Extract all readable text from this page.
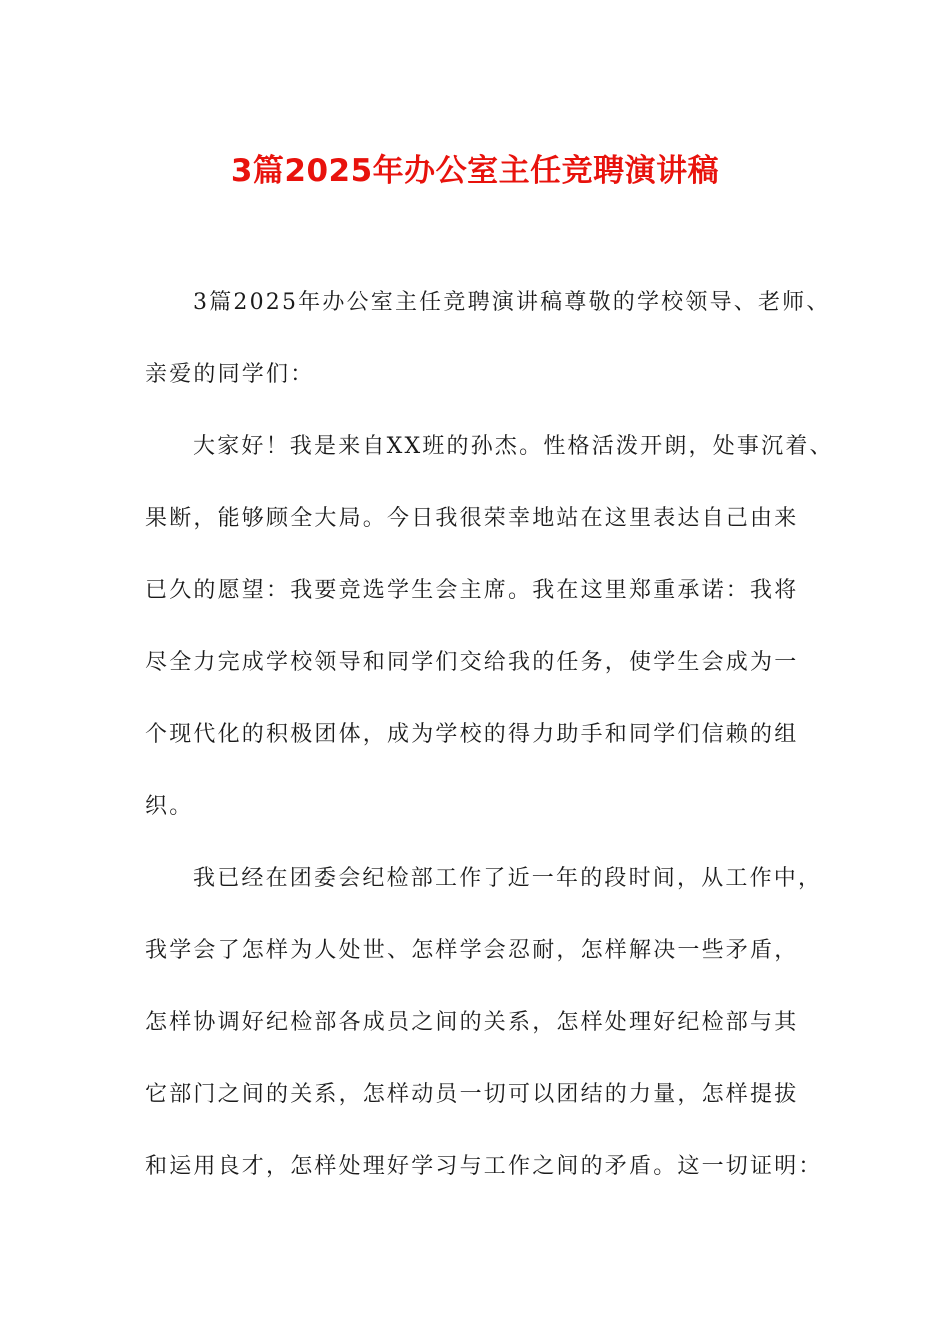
3篇2025年办公室主任竞聘演讲稿
3篇2025年办公室主任竞聘演讲稿尊敬的学校领导、老师、
亲爱的同学们：
大家好！我是来自XX班的孙杰。性格活泼开朗，处事沉着、
果断，能够顾全大局。今日我很荣幸地站在这里表达自己由来
已久的愿望：我要竞选学生会主席。我在这里郑重承诺：我将
尽全力完成学校领导和同学们交给我的任务，使学生会成为一
个现代化的积极团体，成为学校的得力助手和同学们信赖的组
织。
我已经在团委会纪检部工作了近一年的段时间，从工作中，
我学会了怎样为人处世、怎样学会忍耐，怎样解决一些矛盾，
怎样协调好纪检部各成员之间的关系，怎样处理好纪检部与其
它部门之间的关系，怎样动员一切可以团结的力量，怎样提拔
和运用良才，怎样处理好学习与工作之间的矛盾。这一切证明：
